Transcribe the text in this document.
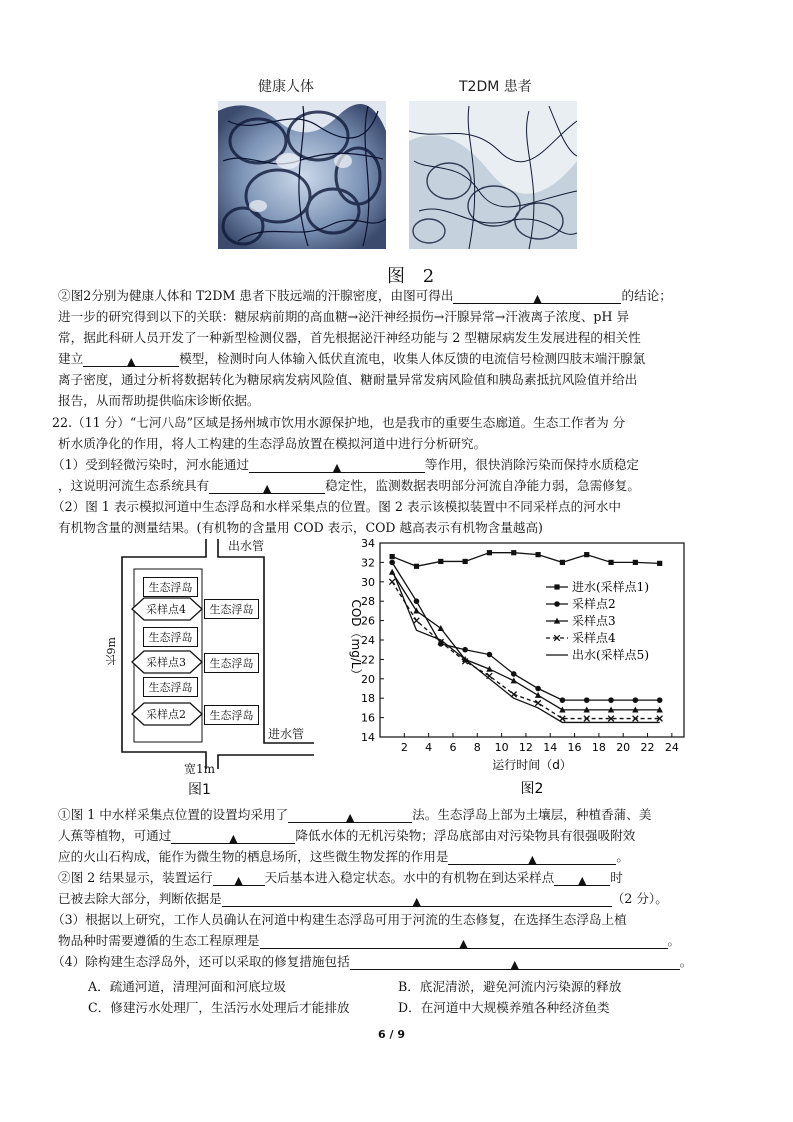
健康人体	T2DM 患者
图 2
②图2分别为健康人体和 T2DM 患者下肢远端的汗腺密度，由图可得出	▲	的结论；
进一步的研究得到以下的关联：糖尿病前期的高血糖→泌汗神经损伤→汗腺异常→汗液离子浓度、pH 异
常，据此科研人员开发了一种新型检测仪器，首先根据泌汗神经功能与 2 型糖尿病发生发展进程的相关性
建立	▲	模型，检测时向人体输入低伏直流电，收集人体反馈的电流信号检测四肢末端汗腺氯
离子密度，通过分析将数据转化为糖尿病发病风险值、糖耐量异常发病风险值和胰岛素抵抗风险值并给出
报告，从而帮助提供临床诊断依据。
22.（11 分）“七河八岛”区域是扬州城市饮用水源保护地，也是我市的重要生态廊道。生态工作者为 分
析水质净化的作用，将人工构建的生态浮岛放置在模拟河道中进行分析研究。
（1）受到轻微污染时，河水能通过	▲	等作用，很快消除污染而保持水质稳定
，这说明河流生态系统具有	▲	稳定性，监测数据表明部分河流自净能力弱，急需修复。
（2）图 1 表示模拟河道中生态浮岛和水样采集点的位置。图 2 表示该模拟装置中不同采样点的河水中
有机物含量的测量结果。(有机物的含量用 COD 表示，COD 越高表示有机物含量越高)
出水管
进水管
生态浮岛
生态浮岛
生态浮岛
生态浮岛
生态浮岛
生态浮岛
采样点4
采样点3
采样点2
长9m
宽1m
图1
14
16
18
20
22
24
26
28
30
32
34
2 4 6 8 10 12 14 16 18 20 22 24
COD（mg/L）
运行时间（d）
图2
进水(采样点1)
采样点2
采样点3
采样点4
出水(采样点5)
①图 1 中水样采集点位置的设置均采用了	▲	法。生态浮岛上部为土壤层，种植香蒲、美
人蕉等植物，可通过	▲	降低水体的无机污染物；浮岛底部由对污染物具有很强吸附效
应的火山石构成，能作为微生物的栖息场所，这些微生物发挥的作用是	▲	。
②图 2 结果显示，装置运行 ▲ 天后基本进入稳定状态。水中的有机物在到达采样点 ▲ 时
已被去除大部分，判断依据是	▲	（2 分）。
（3）根据以上研究，工作人员确认在河道中构建生态浮岛可用于河流的生态修复，在选择生态浮岛上植
物品种时需要遵循的生态工程原理是	▲	。
（4）除构建生态浮岛外，还可以采取的修复措施包括	▲	。
A．疏通河道，清理河面和河底垃圾	B．底泥清淤，避免河流内污染源的释放
C．修建污水处理厂，生活污水处理后才能排放	D．在河道中大规模养殖各种经济鱼类
6 / 9
